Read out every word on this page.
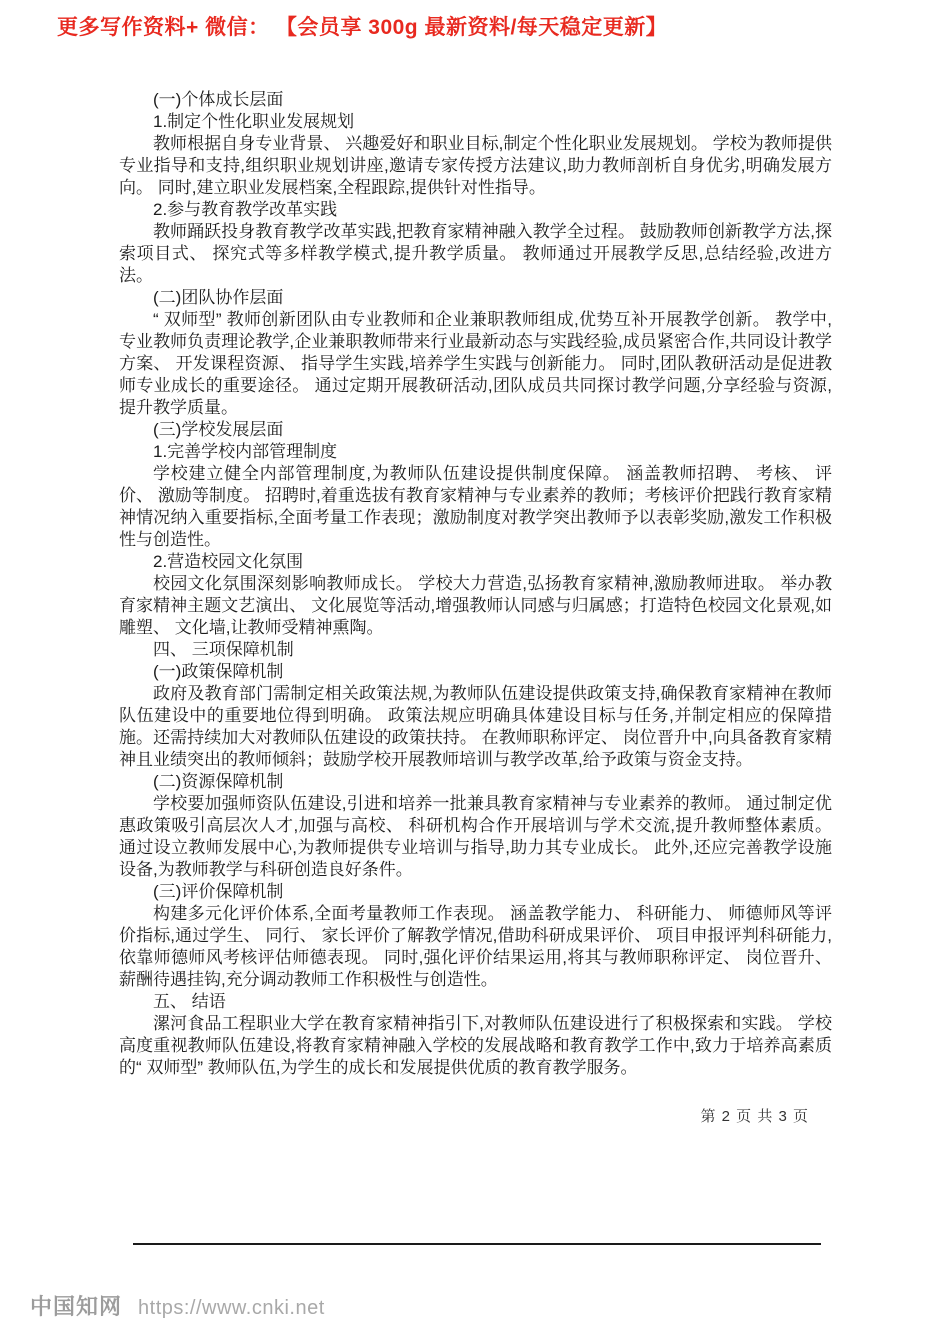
更多写作资料+ 微信： 【会员享 300g 最新资料/每天稳定更新】

(一)个体成长层面

1.制定个性化职业发展规划

教师根据自身专业背景、 兴趣爱好和职业目标,制定个性化职业发展规划。 学校为教师提供专业指导和支持,组织职业规划讲座,邀请专家传授方法建议,助力教师剖析自身优劣,明确发展方向。 同时,建立职业发展档案,全程跟踪,提供针对性指导。

2.参与教育教学改革实践

教师踊跃投身教育教学改革实践,把教育家精神融入教学全过程。 鼓励教师创新教学方法,探索项目式、 探究式等多样教学模式,提升教学质量。 教师通过开展教学反思,总结经验,改进方法。

(二)团队协作层面

“ 双师型” 教师创新团队由专业教师和企业兼职教师组成,优势互补开展教学创新。 教学中,专业教师负责理论教学,企业兼职教师带来行业最新动态与实践经验,成员紧密合作,共同设计教学方案、 开发课程资源、 指导学生实践,培养学生实践与创新能力。 同时,团队教研活动是促进教师专业成长的重要途径。 通过定期开展教研活动,团队成员共同探讨教学问题,分享经验与资源,提升教学质量。

(三)学校发展层面

1.完善学校内部管理制度

学校建立健全内部管理制度,为教师队伍建设提供制度保障。 涵盖教师招聘、 考核、 评价、 激励等制度。 招聘时,着重选拔有教育家精神与专业素养的教师；考核评价把践行教育家精神情况纳入重要指标,全面考量工作表现；激励制度对教学突出教师予以表彰奖励,激发工作积极性与创造性。

2.营造校园文化氛围

校园文化氛围深刻影响教师成长。 学校大力营造,弘扬教育家精神,激励教师进取。 举办教育家精神主题文艺演出、 文化展览等活动,增强教师认同感与归属感；打造特色校园文化景观,如雕塑、 文化墙,让教师受精神熏陶。

四、 三项保障机制

(一)政策保障机制

政府及教育部门需制定相关政策法规,为教师队伍建设提供政策支持,确保教育家精神在教师队伍建设中的重要地位得到明确。 政策法规应明确具体建设目标与任务,并制定相应的保障措施。还需持续加大对教师队伍建设的政策扶持。 在教师职称评定、 岗位晋升中,向具备教育家精神且业绩突出的教师倾斜；鼓励学校开展教师培训与教学改革,给予政策与资金支持。

(二)资源保障机制

学校要加强师资队伍建设,引进和培养一批兼具教育家精神与专业素养的教师。 通过制定优惠政策吸引高层次人才,加强与高校、 科研机构合作开展培训与学术交流,提升教师整体素质。 通过设立教师发展中心,为教师提供专业培训与指导,助力其专业成长。 此外,还应完善教学设施设备,为教师教学与科研创造良好条件。

(三)评价保障机制

构建多元化评价体系,全面考量教师工作表现。 涵盖教学能力、 科研能力、 师德师风等评价指标,通过学生、 同行、 家长评价了解教学情况,借助科研成果评价、 项目申报评判科研能力,依靠师德师风考核评估师德表现。 同时,强化评价结果运用,将其与教师职称评定、 岗位晋升、 薪酬待遇挂钩,充分调动教师工作积极性与创造性。

五、 结语

漯河食品工程职业大学在教育家精神指引下,对教师队伍建设进行了积极探索和实践。 学校高度重视教师队伍建设,将教育家精神融入学校的发展战略和教育教学工作中,致力于培养高素质的“ 双师型” 教师队伍,为学生的成长和发展提供优质的教育教学服务。

第 2 页 共 3 页
中国知网 https://www.cnki.net
